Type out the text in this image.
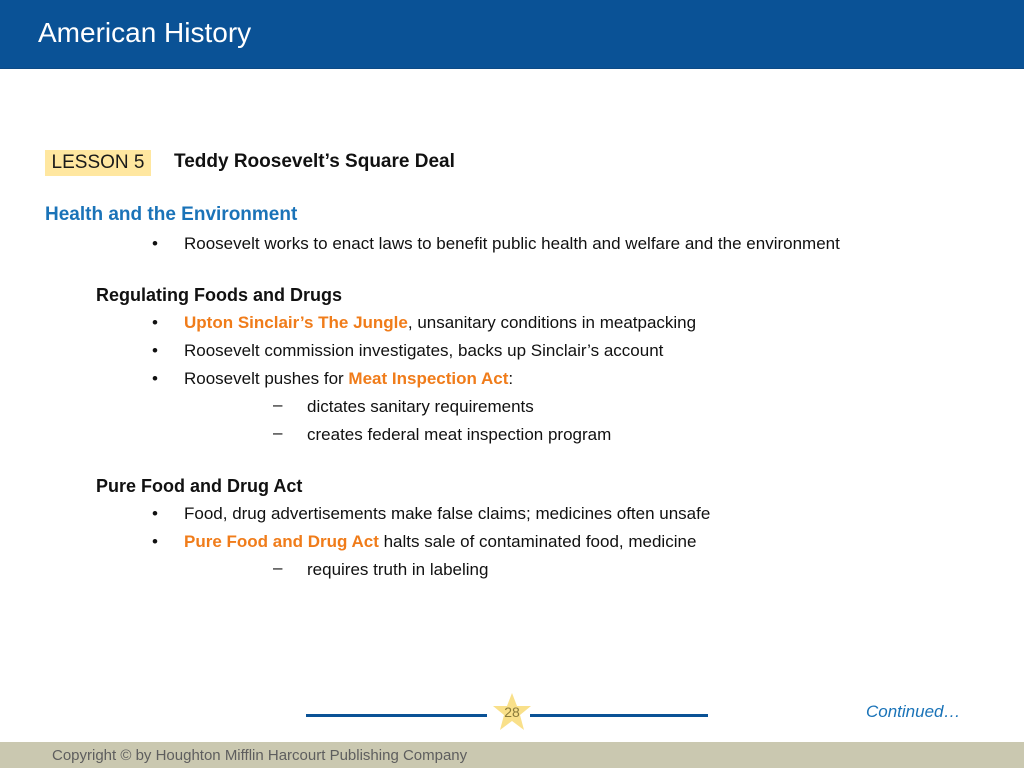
American History
LESSON 5	Teddy Roosevelt’s Square Deal
Health and the Environment
• Roosevelt works to enact laws to benefit public health and welfare and the environment
Regulating Foods and Drugs
• Upton Sinclair’s The Jungle, unsanitary conditions in meatpacking
• Roosevelt commission investigates, backs up Sinclair’s account
• Roosevelt pushes for Meat Inspection Act:
– dictates sanitary requirements
– creates federal meat inspection program
Pure Food and Drug Act
• Food, drug advertisements make false claims; medicines often unsafe
• Pure Food and Drug Act halts sale of contaminated food, medicine
– requires truth in labeling
28	Continued…
Copyright © by Houghton Mifflin Harcourt Publishing Company
